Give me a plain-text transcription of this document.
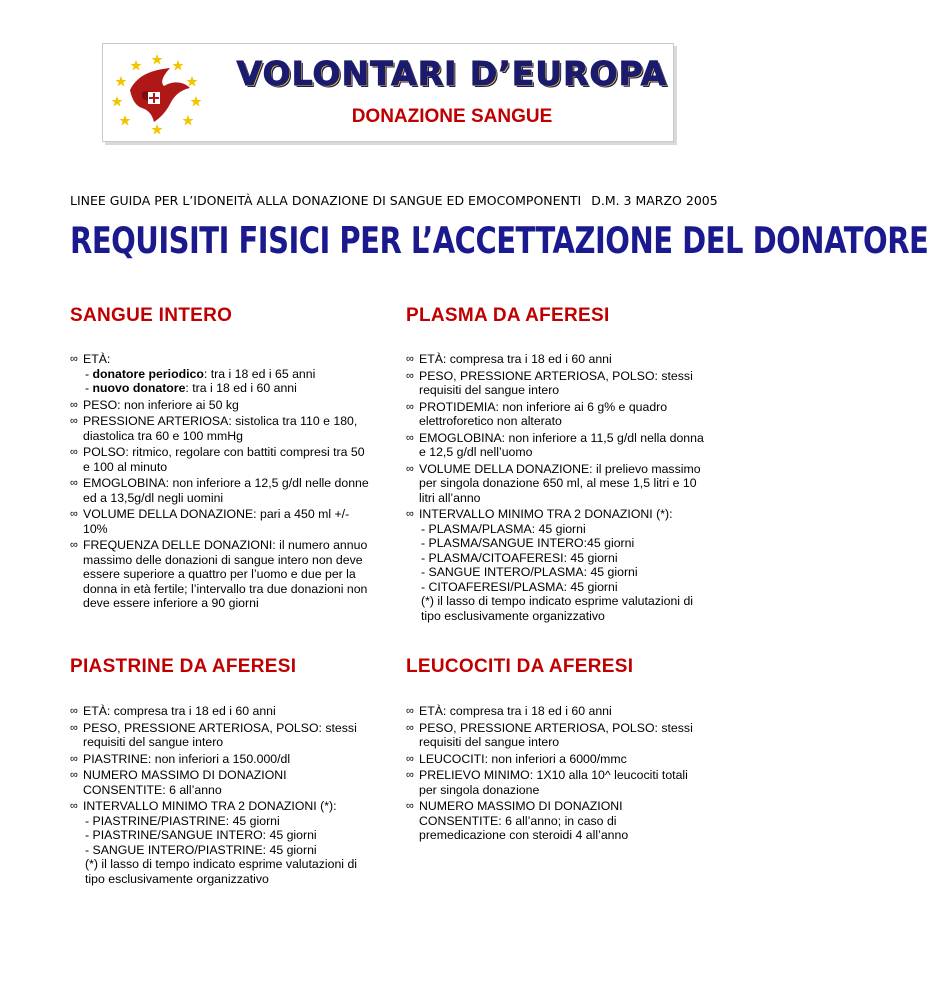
VOLONTARI D’EUROPA
DONAZIONE SANGUE
LINEE GUIDA PER L’IDONEITÀ ALLA DONAZIONE DI SANGUE ED EMOCOMPONENTI D.M. 3 MARZO 2005
REQUISITI FISICI PER L’ACCETTAZIONE DEL DONATORE
SANGUE INTERO
∞ ETÀ:
- donatore periodico: tra i 18 ed i 65 anni
- nuovo donatore: tra i 18 ed i 60 anni
∞ PESO: non inferiore ai 50 kg
∞ PRESSIONE ARTERIOSA: sistolica tra 110 e 180, diastolica tra 60 e 100 mmHg
∞ POLSO: ritmico, regolare con battiti compresi tra 50 e 100 al minuto
∞ EMOGLOBINA: non inferiore a 12,5 g/dl nelle donne ed a 13,5g/dl negli uomini
∞ VOLUME DELLA DONAZIONE: pari a 450 ml +/- 10%
∞ FREQUENZA DELLE DONAZIONI: il numero annuo massimo delle donazioni di sangue intero non deve essere superiore a quattro per l’uomo e due per la donna in età fertile; l’intervallo tra due donazioni non deve essere inferiore a 90 giorni
PLASMA DA AFERESI
∞ ETÀ: compresa tra i 18 ed i 60 anni
∞ PESO, PRESSIONE ARTERIOSA, POLSO: stessi requisiti del sangue intero
∞ PROTIDEMIA: non inferiore ai 6 g% e quadro elettroforetico non alterato
∞ EMOGLOBINA: non inferiore a 11,5 g/dl nella donna e 12,5 g/dl nell’uomo
∞ VOLUME DELLA DONAZIONE: il prelievo massimo per singola donazione 650 ml, al mese 1,5 litri e 10 litri all’anno
∞ INTERVALLO MINIMO TRA 2 DONAZIONI (*):
- PLASMA/PLASMA: 45 giorni
- PLASMA/SANGUE INTERO:45 giorni
- PLASMA/CITOAFERESI: 45 giorni
- SANGUE INTERO/PLASMA: 45 giorni
- CITOAFERESI/PLASMA: 45 giorni
(*) il lasso di tempo indicato esprime valutazioni di tipo esclusivamente organizzativo
PIASTRINE DA AFERESI
∞ ETÀ: compresa tra i 18 ed i 60 anni
∞ PESO, PRESSIONE ARTERIOSA, POLSO: stessi requisiti del sangue intero
∞ PIASTRINE: non inferiori a 150.000/dl
∞ NUMERO MASSIMO DI DONAZIONI CONSENTITE: 6 all’anno
∞ INTERVALLO MINIMO TRA 2 DONAZIONI (*):
- PIASTRINE/PIASTRINE: 45 giorni
- PIASTRINE/SANGUE INTERO: 45 giorni
- SANGUE INTERO/PIASTRINE: 45 giorni
(*) il lasso di tempo indicato esprime valutazioni di tipo esclusivamente organizzativo
LEUCOCITI DA AFERESI
∞ ETÀ: compresa tra i 18 ed i 60 anni
∞ PESO, PRESSIONE ARTERIOSA, POLSO: stessi requisiti del sangue intero
∞ LEUCOCITI: non inferiori a 6000/mmc
∞ PRELIEVO MINIMO: 1X10 alla 10^ leucociti totali per singola donazione
∞ NUMERO MASSIMO DI DONAZIONI CONSENTITE: 6 all’anno; in caso di premedicazione con steroidi 4 all’anno
